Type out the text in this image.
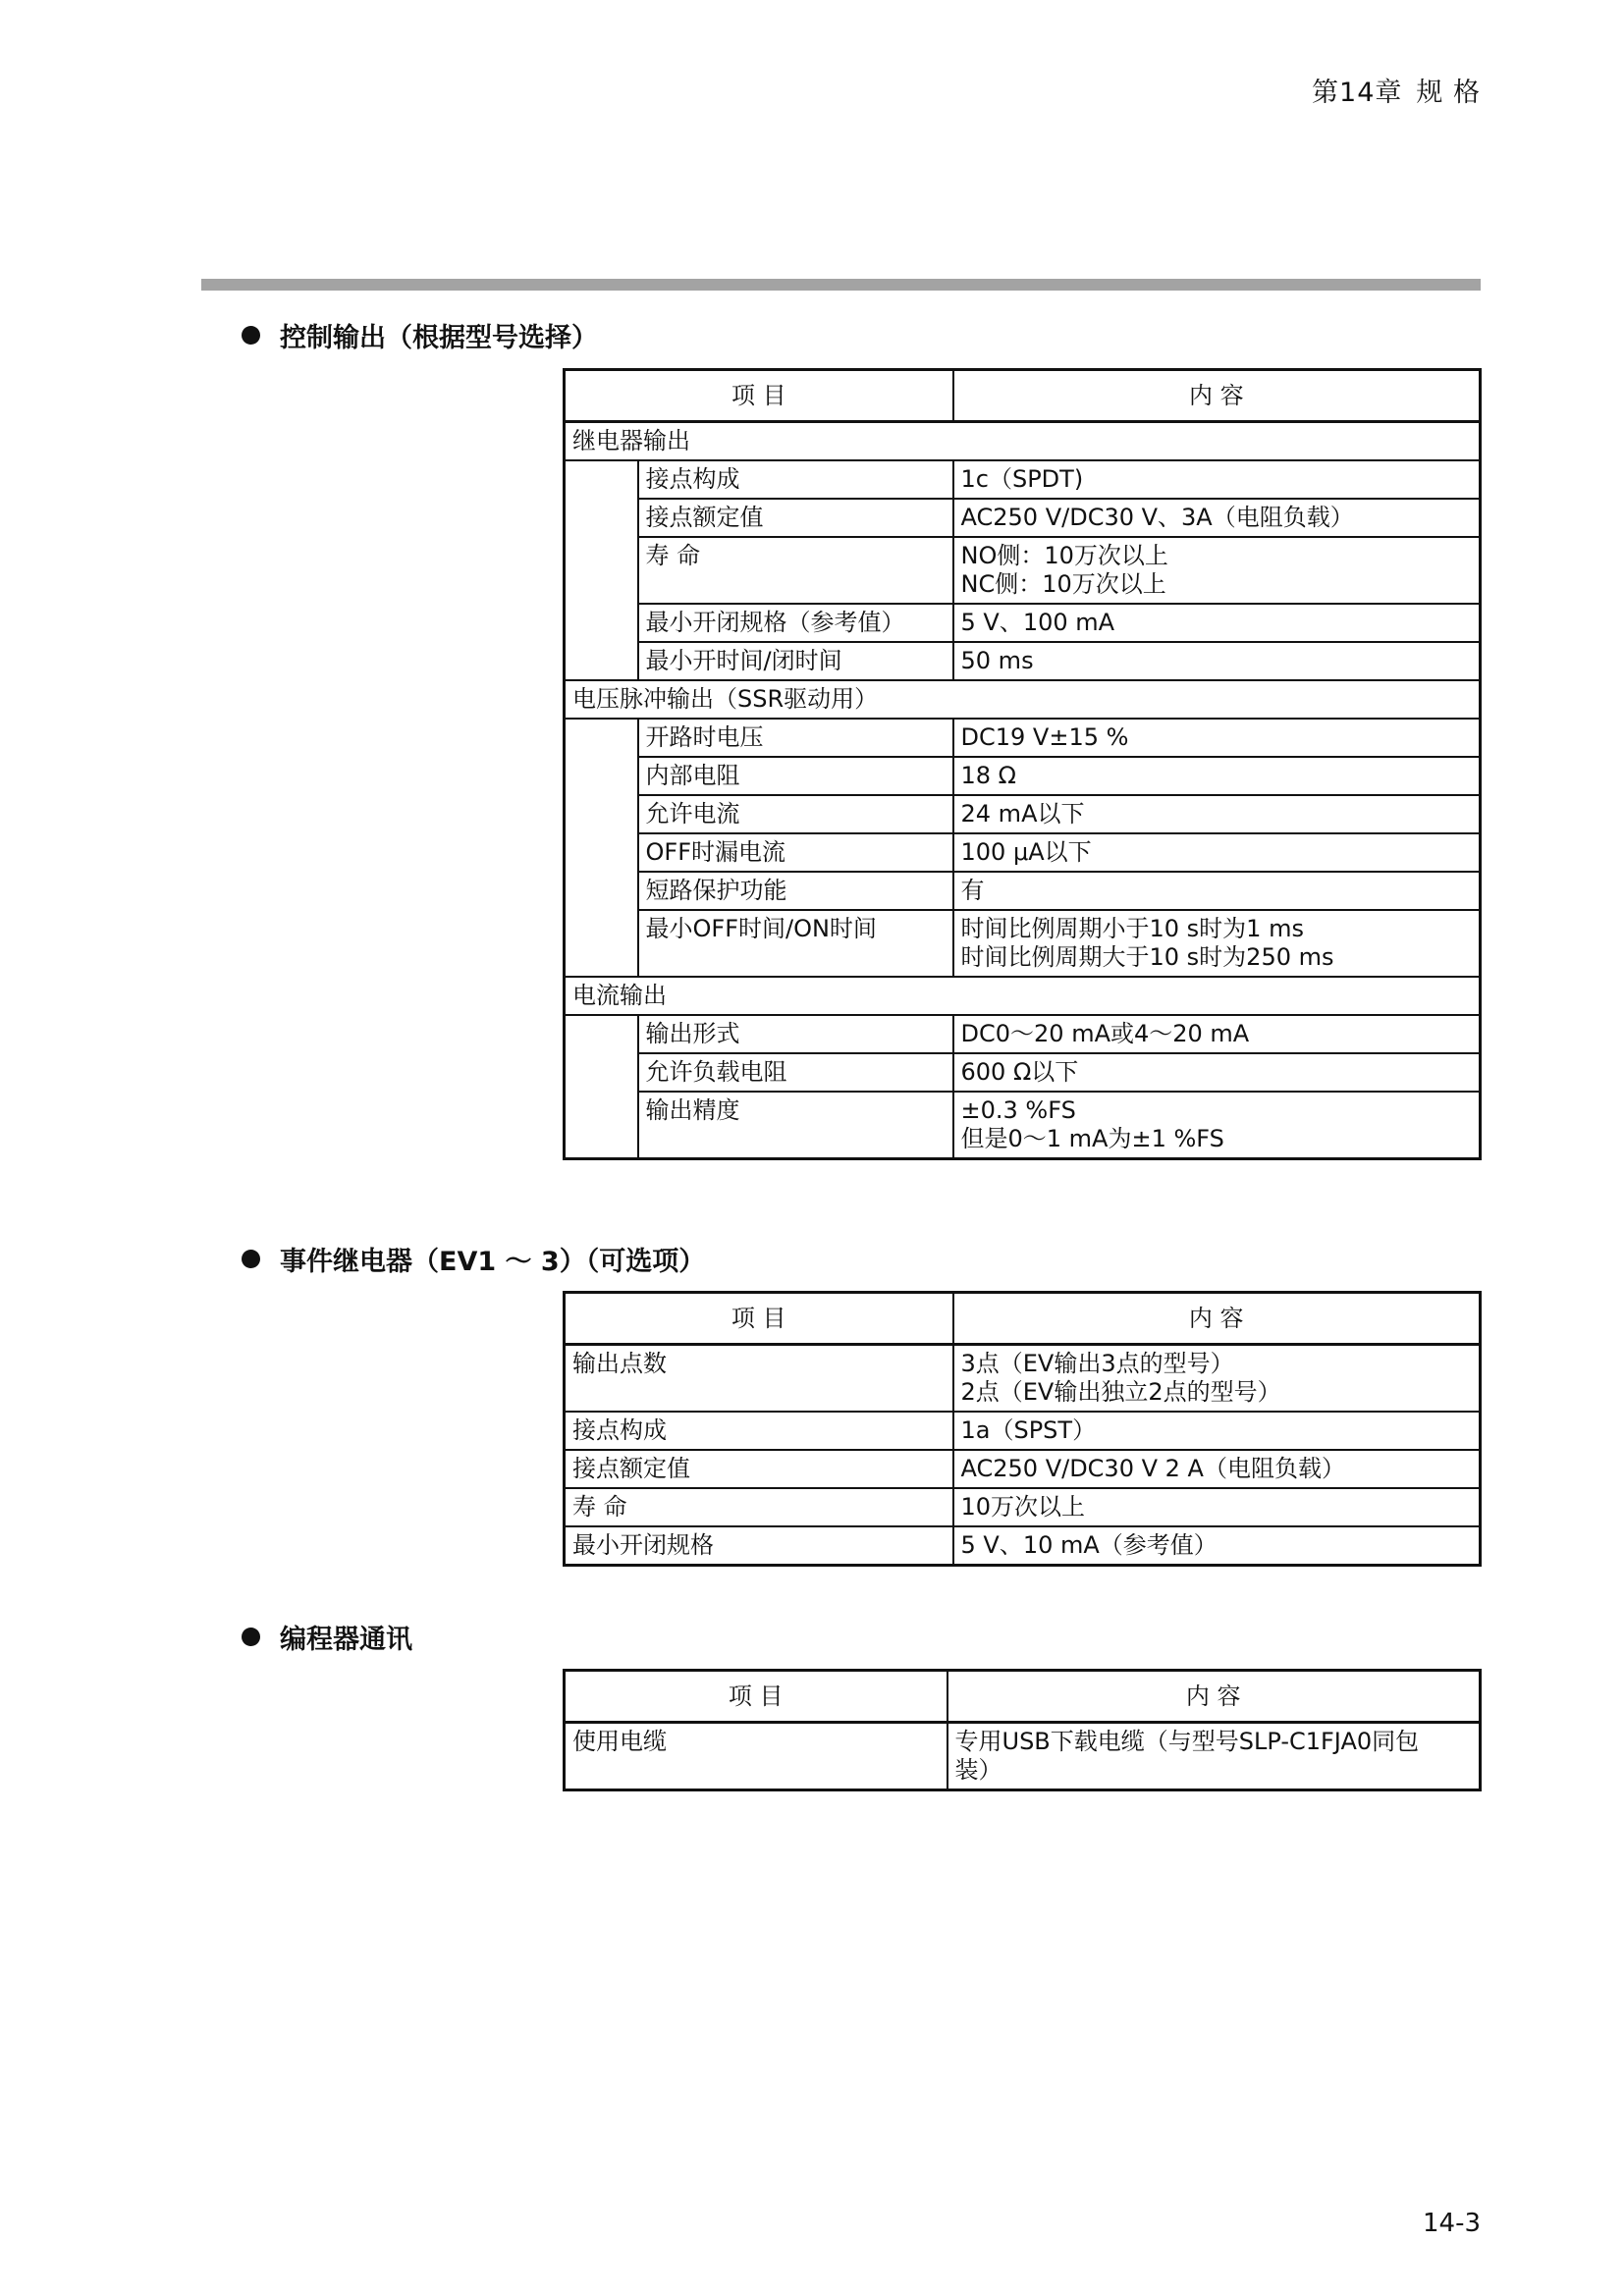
第14章 规 格
控制输出（根据型号选择）
项 目		内 容
继电器输出		
	接点构成	1c（SPDT)
	接点额定值	AC250 V/DC30 V、3A（电阻负载）
	寿 命	NO侧：10万次以上
NC侧：10万次以上

	最小开闭规格（参考值）	5 V、100 mA
	最小开时间/闭时间	50 ms
电压脉冲输出（SSR驱动用）		
	开路时电压	DC19 V±15 %
	内部电阻	18 Ω
	允许电流	24 mA以下
	OFF时漏电流	100 μA以下
	短路保护功能	有
	最小OFF时间/ON时间	时间比例周期小于10 s时为1 ms
时间比例周期大于10 s时为250 ms

电流输出		
	输出形式	DC0～20 mA或4～20 mA
	允许负载电阻	600 Ω以下
	输出精度	±0.3 %FS
但是0～1 mA为±1 %FS
事件继电器（EV1 ～ 3）（可选项）
项 目	内 容
输出点数	3点（EV输出3点的型号）
2点（EV输出独立2点的型号）

接点构成	1a（SPST）
接点额定值	AC250 V/DC30 V 2 A（电阻负载）
寿 命	10万次以上
最小开闭规格	5 V、10 mA（参考值）
编程器通讯
项 目	内 容
使用电缆	专用USB下载电缆（与型号SLP-C1FJA0同包
装）
14-3
